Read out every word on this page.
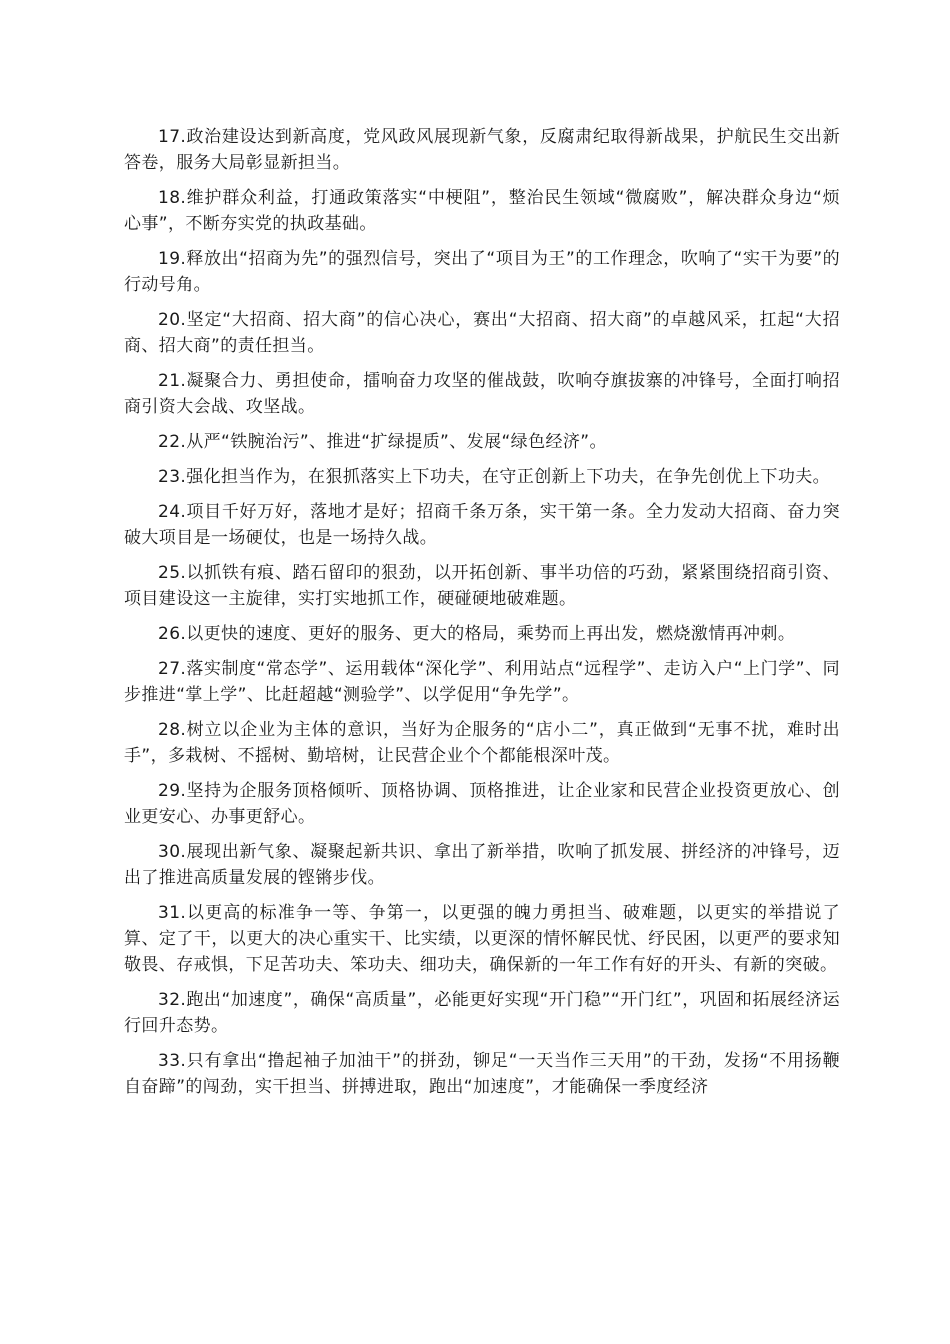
17.政治建设达到新高度，党风政风展现新气象，反腐肃纪取得新战果，护航民生交出新答卷，服务大局彰显新担当。

18.维护群众利益，打通政策落实“中梗阻”，整治民生领域“微腐败”，解决群众身边“烦心事”，不断夯实党的执政基础。

19.释放出“招商为先”的强烈信号，突出了“项目为王”的工作理念，吹响了“实干为要”的行动号角。

20.坚定“大招商、招大商”的信心决心，赛出“大招商、招大商”的卓越风采，扛起“大招商、招大商”的责任担当。

21.凝聚合力、勇担使命，擂响奋力攻坚的催战鼓，吹响夺旗拔寨的冲锋号，全面打响招商引资大会战、攻坚战。

22.从严“铁腕治污”、推进“扩绿提质”、发展“绿色经济”。

23.强化担当作为，在狠抓落实上下功夫，在守正创新上下功夫，在争先创优上下功夫。

24.项目千好万好，落地才是好；招商千条万条，实干第一条。全力发动大招商、奋力突破大项目是一场硬仗，也是一场持久战。

25.以抓铁有痕、踏石留印的狠劲，以开拓创新、事半功倍的巧劲，紧紧围绕招商引资、项目建设这一主旋律，实打实地抓工作，硬碰硬地破难题。

26.以更快的速度、更好的服务、更大的格局，乘势而上再出发，燃烧激情再冲刺。

27.落实制度“常态学”、运用载体“深化学”、利用站点“远程学”、走访入户“上门学”、同步推进“掌上学”、比赶超越“测验学”、以学促用“争先学”。

28.树立以企业为主体的意识，当好为企服务的“店小二”，真正做到“无事不扰，难时出手”，多栽树、不摇树、勤培树，让民营企业个个都能根深叶茂。

29.坚持为企服务顶格倾听、顶格协调、顶格推进，让企业家和民营企业投资更放心、创业更安心、办事更舒心。

30.展现出新气象、凝聚起新共识、拿出了新举措，吹响了抓发展、拼经济的冲锋号，迈出了推进高质量发展的铿锵步伐。

31.以更高的标准争一等、争第一，以更强的魄力勇担当、破难题，以更实的举措说了算、定了干，以更大的决心重实干、比实绩，以更深的情怀解民忧、纾民困，以更严的要求知敬畏、存戒惧，下足苦功夫、笨功夫、细功夫，确保新的一年工作有好的开头、有新的突破。

32.跑出“加速度”，确保“高质量”，必能更好实现“开门稳”“开门红”，巩固和拓展经济运行回升态势。

33.只有拿出“撸起袖子加油干”的拼劲，铆足“一天当作三天用”的干劲，发扬“不用扬鞭自奋蹄”的闯劲，实干担当、拼搏进取，跑出“加速度”，才能确保一季度经济
